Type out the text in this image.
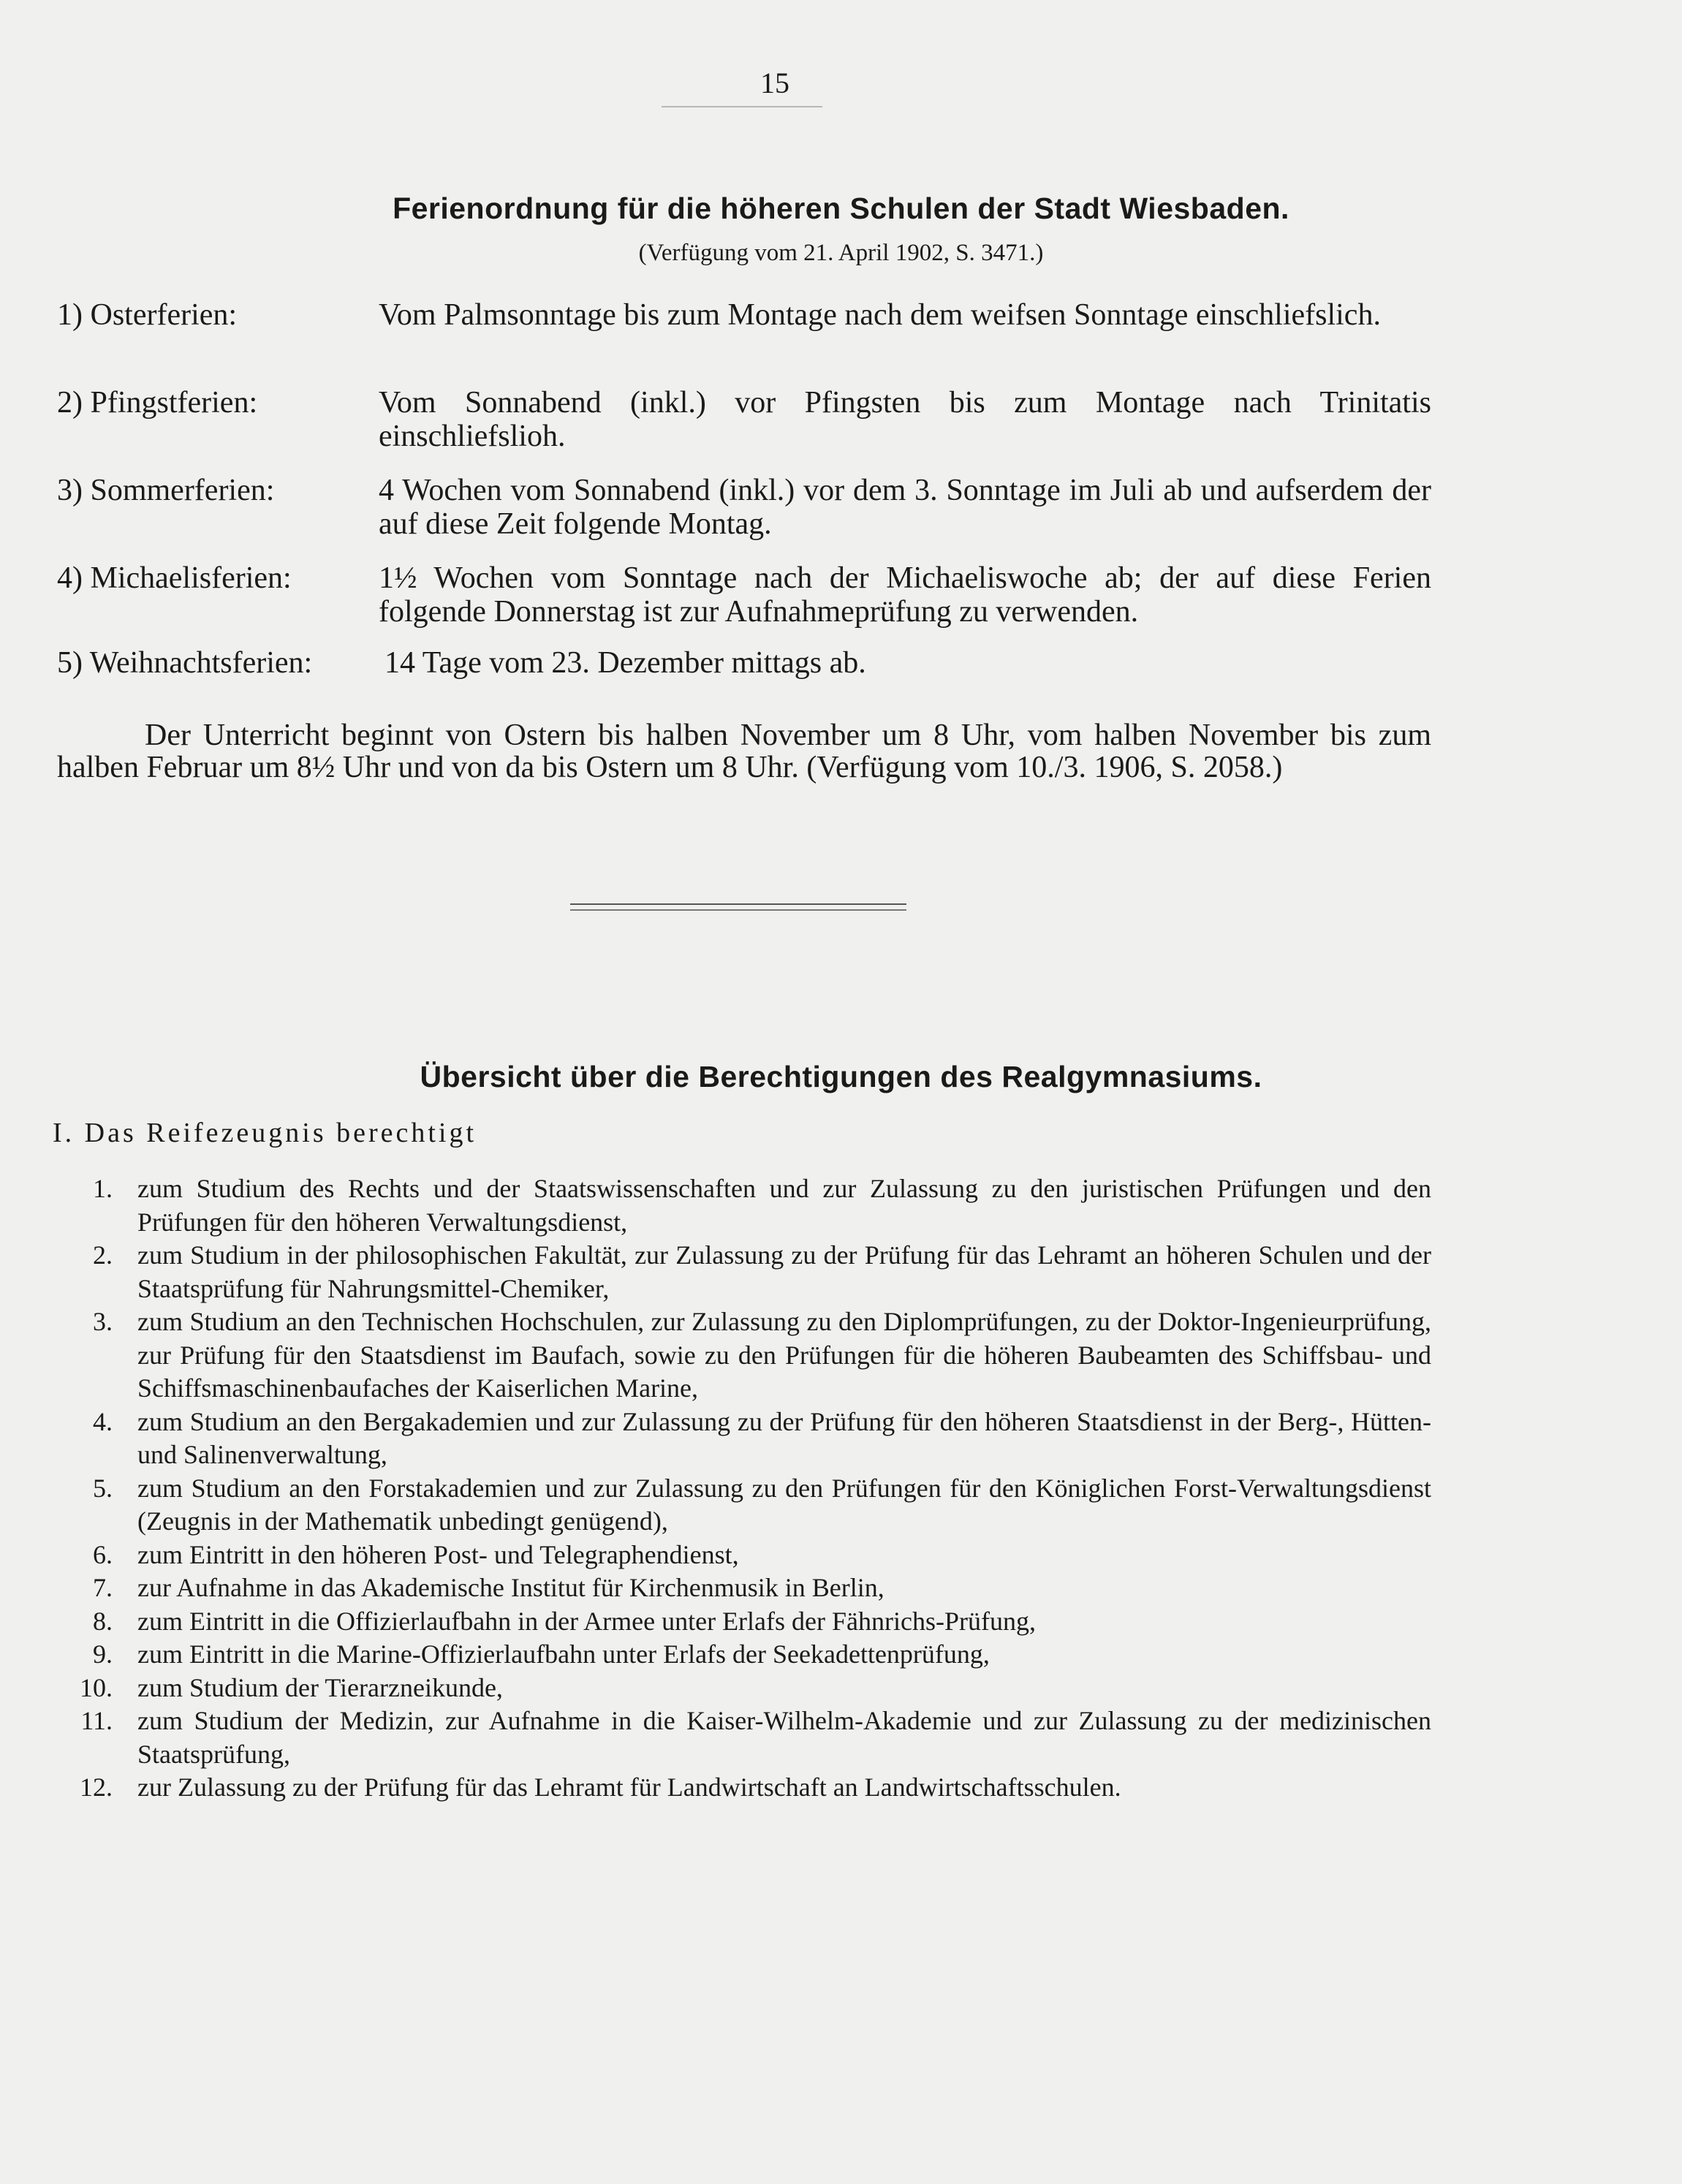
15
Ferienordnung für die höheren Schulen der Stadt Wiesbaden.
(Verfügung vom 21. April 1902, S. 3471.)
1) Osterferien:	Vom Palmsonntage bis zum Montage nach dem weifsen Sonntage einschliefslich.
2) Pfingstferien:	Vom Sonnabend (inkl.) vor Pfingsten bis zum Montage nach Trinitatis einschliefslioh.
3) Sommerferien:	4 Wochen vom Sonnabend (inkl.) vor dem 3. Sonntage im Juli ab und aufserdem der auf diese Zeit folgende Montag.
4) Michaelisferien:	1½ Wochen vom Sonntage nach der Michaeliswoche ab; der auf diese Ferien folgende Donnerstag ist zur Aufnahmeprüfung zu verwenden.
5) Weihnachtsferien: 14 Tage vom 23. Dezember mittags ab.
Der Unterricht beginnt von Ostern bis halben November um 8 Uhr, vom halben November bis zum halben Februar um 8½ Uhr und von da bis Ostern um 8 Uhr. (Verfügung vom 10./3. 1906, S. 2058.)
Übersicht über die Berechtigungen des Realgymnasiums.
I. Das Reifezeugnis berechtigt
1. zum Studium des Rechts und der Staatswissenschaften und zur Zulassung zu den juristischen Prüfungen und den Prüfungen für den höheren Verwaltungsdienst,
2. zum Studium in der philosophischen Fakultät, zur Zulassung zu der Prüfung für das Lehramt an höheren Schulen und der Staatsprüfung für Nahrungsmittel-Chemiker,
3. zum Studium an den Technischen Hochschulen, zur Zulassung zu den Diplomprüfungen, zu der Doktor-Ingenieurprüfung, zur Prüfung für den Staatsdienst im Baufach, sowie zu den Prüfungen für die höheren Baubeamten des Schiffsbau- und Schiffsmaschinenbaufaches der Kaiserlichen Marine,
4. zum Studium an den Bergakademien und zur Zulassung zu der Prüfung für den höheren Staatsdienst in der Berg-, Hütten- und Salinenverwaltung,
5. zum Studium an den Forstakademien und zur Zulassung zu den Prüfungen für den Königlichen Forst-Verwaltungsdienst (Zeugnis in der Mathematik unbedingt genügend),
6. zum Eintritt in den höheren Post- und Telegraphendienst,
7. zur Aufnahme in das Akademische Institut für Kirchenmusik in Berlin,
8. zum Eintritt in die Offizierlaufbahn in der Armee unter Erlafs der Fähnrichs-Prüfung,
9. zum Eintritt in die Marine-Offizierlaufbahn unter Erlafs der Seekadettenprüfung,
10. zum Studium der Tierarzneikunde,
11. zum Studium der Medizin, zur Aufnahme in die Kaiser-Wilhelm-Akademie und zur Zulassung zu der medizinischen Staatsprüfung,
12. zur Zulassung zu der Prüfung für das Lehramt für Landwirtschaft an Landwirtschaftsschulen.
